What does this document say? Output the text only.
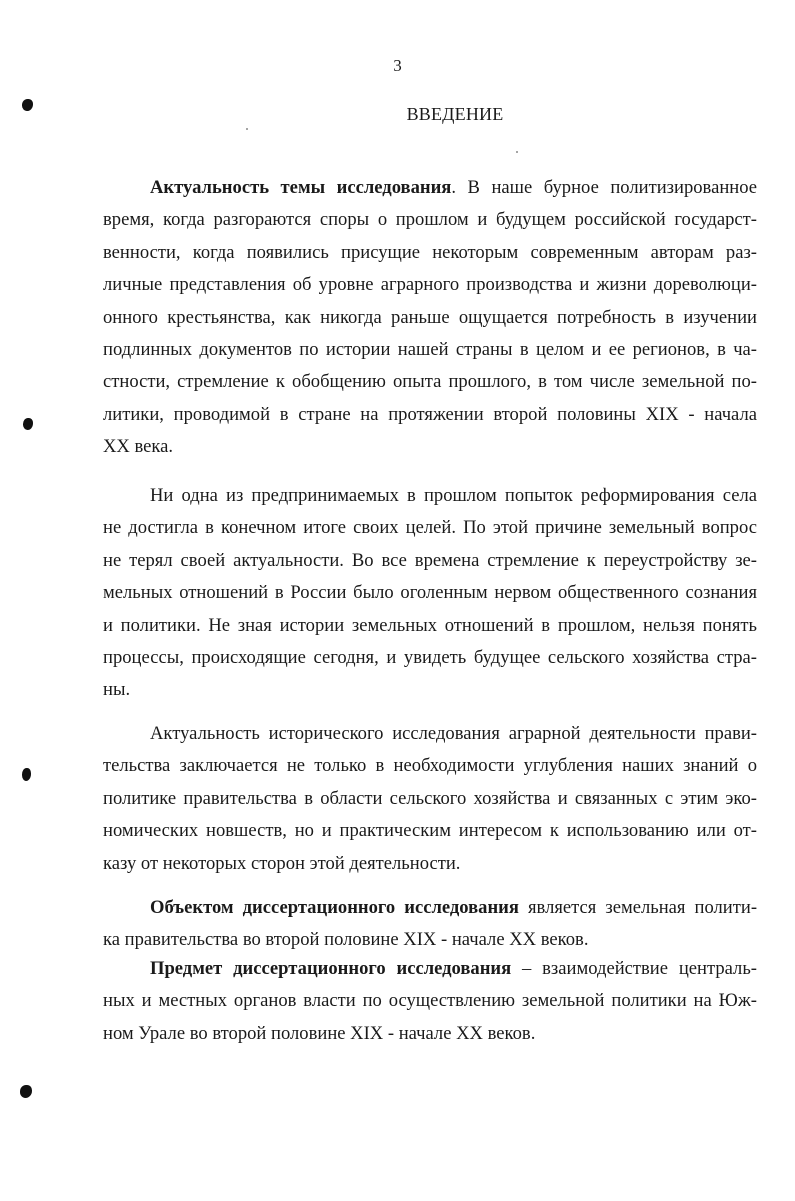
3
ВВЕДЕНИЕ
Актуальность темы исследования. В наше бурное политизированное
время, когда разгораются споры о прошлом и будущем российской государст-
венности, когда появились присущие некоторым современным авторам раз-
личные представления об уровне аграрного производства и жизни дореволюци-
онного крестьянства, как никогда раньше ощущается потребность в изучении
подлинных документов по истории нашей страны в целом и ее регионов, в ча-
стности, стремление к обобщению опыта прошлого, в том числе земельной по-
литики, проводимой в стране на протяжении второй половины XIX - начала
XX века.
Ни одна из предпринимаемых в прошлом попыток реформирования села
не достигла в конечном итоге своих целей. По этой причине земельный вопрос
не терял своей актуальности. Во все времена стремление к переустройству зе-
мельных отношений в России было оголенным нервом общественного сознания
и политики. Не зная истории земельных отношений в прошлом, нельзя понять
процессы, происходящие сегодня, и увидеть будущее сельского хозяйства стра-
ны.
Актуальность исторического исследования аграрной деятельности прави-
тельства заключается не только в необходимости углубления наших знаний о
политике правительства в области сельского хозяйства и связанных с этим эко-
номических новшеств, но и практическим интересом к использованию или от-
казу от некоторых сторон этой деятельности.
Объектом диссертационного исследования является земельная полити-
ка правительства во второй половине XIX - начале XX веков.
Предмет диссертационного исследования – взаимодействие централь-
ных и местных органов власти по осуществлению земельной политики на Юж-
ном Урале во второй половине XIX - начале XX веков.
